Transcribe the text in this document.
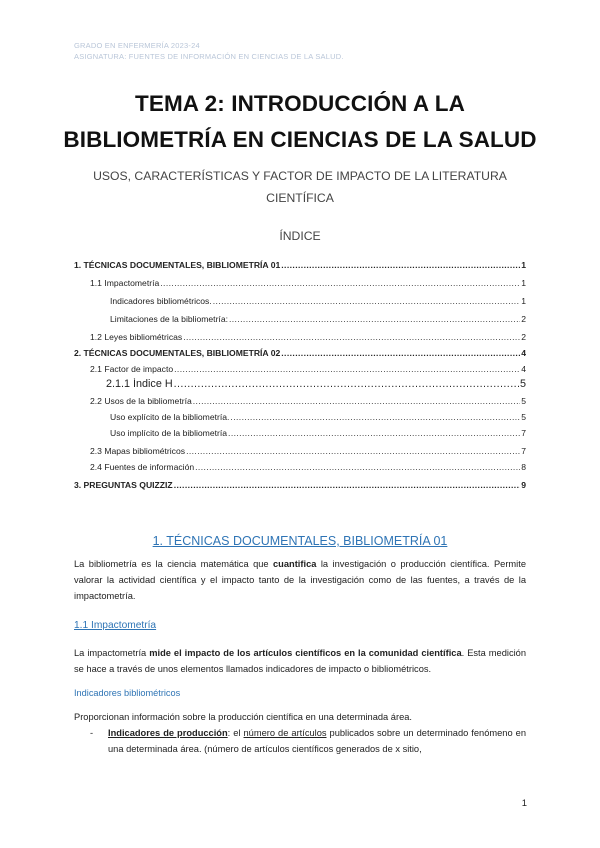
GRADO EN ENFERMERÍA 2023-24
ASIGNATURA: FUENTES DE INFORMACIÓN EN CIENCIAS DE LA SALUD.
TEMA 2: INTRODUCCIÓN A LA
BIBLIOMETRÍA EN CIENCIAS DE LA SALUD
USOS, CARACTERÍSTICAS Y FACTOR DE IMPACTO DE LA LITERATURA
CIENTÍFICA
ÍNDICE
1. TÉCNICAS DOCUMENTALES, BIBLIOMETRÍA 01 .....	1
1.1 Impactometría .....	1
Indicadores bibliométricos. .....	1
Limitaciones de la bibliometría: .....	2
1.2 Leyes bibliométricas .....	2
2. TÉCNICAS DOCUMENTALES, BIBLIOMETRÍA 02 .....	4
2.1 Factor de impacto .....	4
2.1.1 Índice H .....	5
2.2 Usos de la bibliometría .....	5
Uso explícito de la bibliometría. .....	5
Uso implícito de la bibliometría .....	7
2.3 Mapas bibliométricos .....	7
2.4 Fuentes de información .....	8
3. PREGUNTAS QUIZZIZ .....	9
1. TÉCNICAS DOCUMENTALES, BIBLIOMETRÍA 01
La bibliometría es la ciencia matemática que cuantifica la investigación o producción científica. Permite valorar la actividad científica y el impacto tanto de la investigación como de las fuentes, a través de la impactometría.
1.1 Impactometría
La impactometría mide el impacto de los artículos científicos en la comunidad científica. Esta medición se hace a través de unos elementos llamados indicadores de impacto o bibliométricos.
Indicadores bibliométricos
Proporcionan información sobre la producción científica en una determinada área.
- Indicadores de producción: el número de artículos publicados sobre un determinado fenómeno en una determinada área. (número de artículos científicos generados de x sitio,
1
